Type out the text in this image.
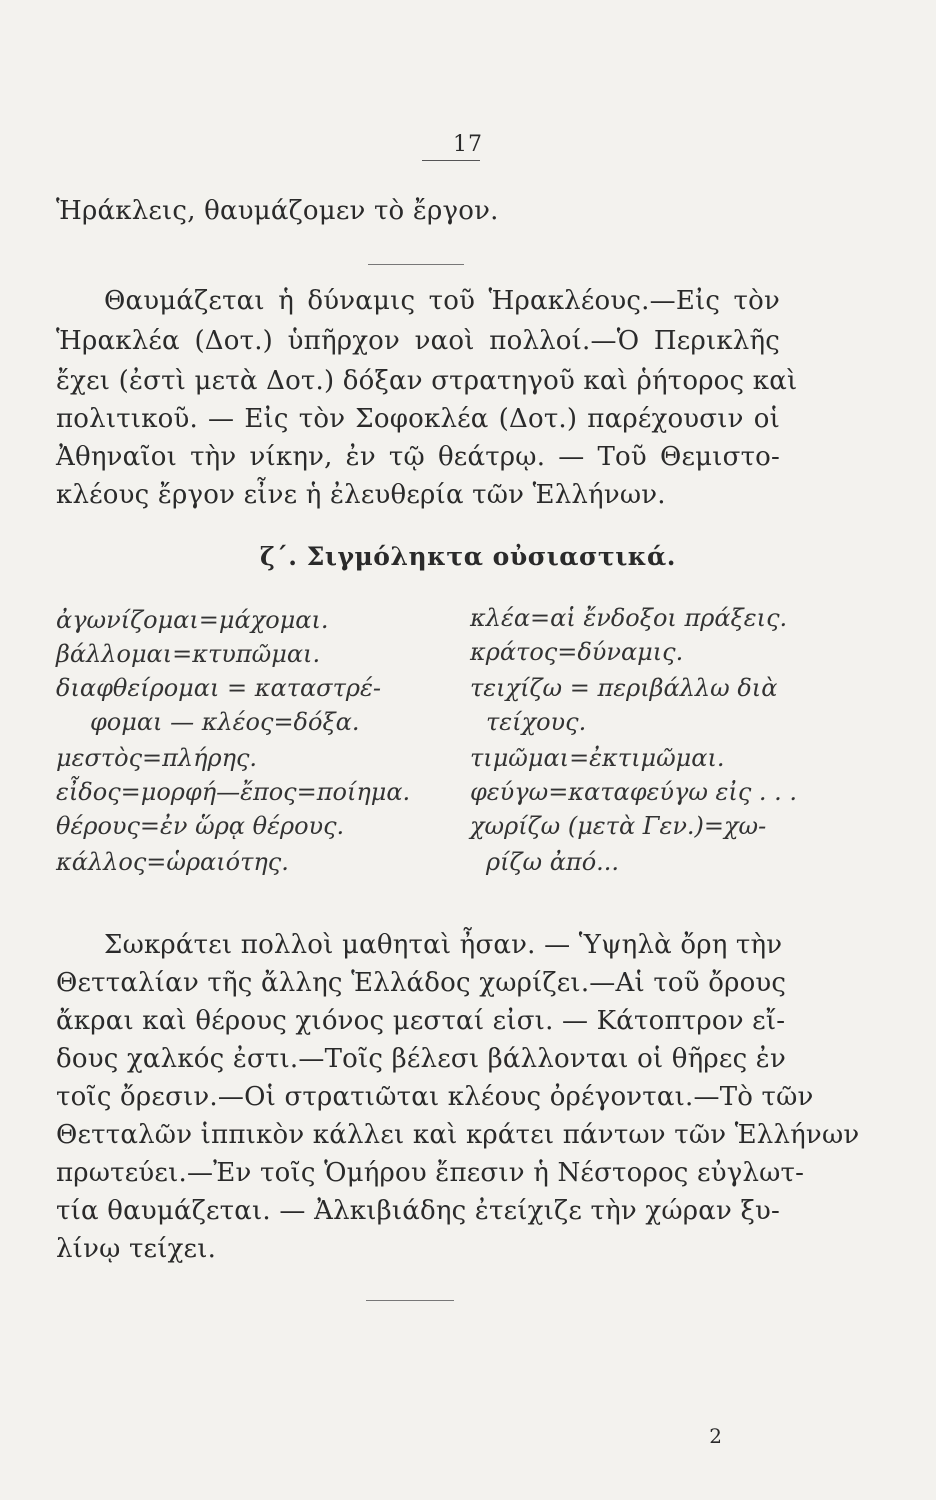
17
Ἡράκλεις, θαυμάζομεν τὸ ἔργον.
Θαυμάζεται ἡ δύναμις τοῦ Ἡρακλέους.—Εἰς τὸν
Ἡρακλέα (Δοτ.) ὑπῆρχον ναοὶ πολλοί.—Ὁ Περικλῆς
ἔχει (ἐστὶ μετὰ Δοτ.) δόξαν στρατηγοῦ καὶ ῥήτορος καὶ
πολιτικοῦ. — Εἰς τὸν Σοφοκλέα (Δοτ.) παρέχουσιν οἱ
Ἀθηναῖοι τὴν νίκην, ἐν τῷ θεάτρῳ. — Τοῦ Θεμιστο-
κλέους ἔργον εἶνε ἡ ἐλευθερία τῶν Ἑλλήνων.
ζ΄. Σιγμόληκτα οὐσιαστικά.
ἀγωνίζομαι=μάχομαι.
βάλλομαι=κτυπῶμαι.
διαφθείρομαι = καταστρέ-
φομαι — κλέος=δόξα.
μεστὸς=πλήρης.
εἶδος=μορφή—ἔπος=ποίημα.
θέρους=ἐν ὥρᾳ θέρους.
κάλλος=ὡραιότης.
κλέα=αἱ ἔνδοξοι πράξεις.
κράτος=δύναμις.
τειχίζω = περιβάλλω διὰ
τείχους.
τιμῶμαι=ἐκτιμῶμαι.
φεύγω=καταφεύγω εἰς . . .
χωρίζω (μετὰ Γεν.)=χω-
ρίζω ἀπό...
Σωκράτει πολλοὶ μαθηταὶ ἦσαν. — Ὑψηλὰ ὄρη τὴν
Θετταλίαν τῆς ἄλλης Ἑλλάδος χωρίζει.—Αἱ τοῦ ὄρους
ἄκραι καὶ θέρους χιόνος μεσταί εἰσι. — Κάτοπτρον εἴ-
δους χαλκός ἐστι.—Τοῖς βέλεσι βάλλονται οἱ θῆρες ἐν
τοῖς ὄρεσιν.—Οἱ στρατιῶται κλέους ὀρέγονται.—Τὸ τῶν
Θετταλῶν ἱππικὸν κάλλει καὶ κράτει πάντων τῶν Ἑλλήνων
πρωτεύει.—Ἐν τοῖς Ὁμήρου ἔπεσιν ἡ Νέστορος εὐγλωτ-
τία θαυμάζεται. — Ἀλκιβιάδης ἐτείχιζε τὴν χώραν ξυ-
λίνῳ τείχει.
2
